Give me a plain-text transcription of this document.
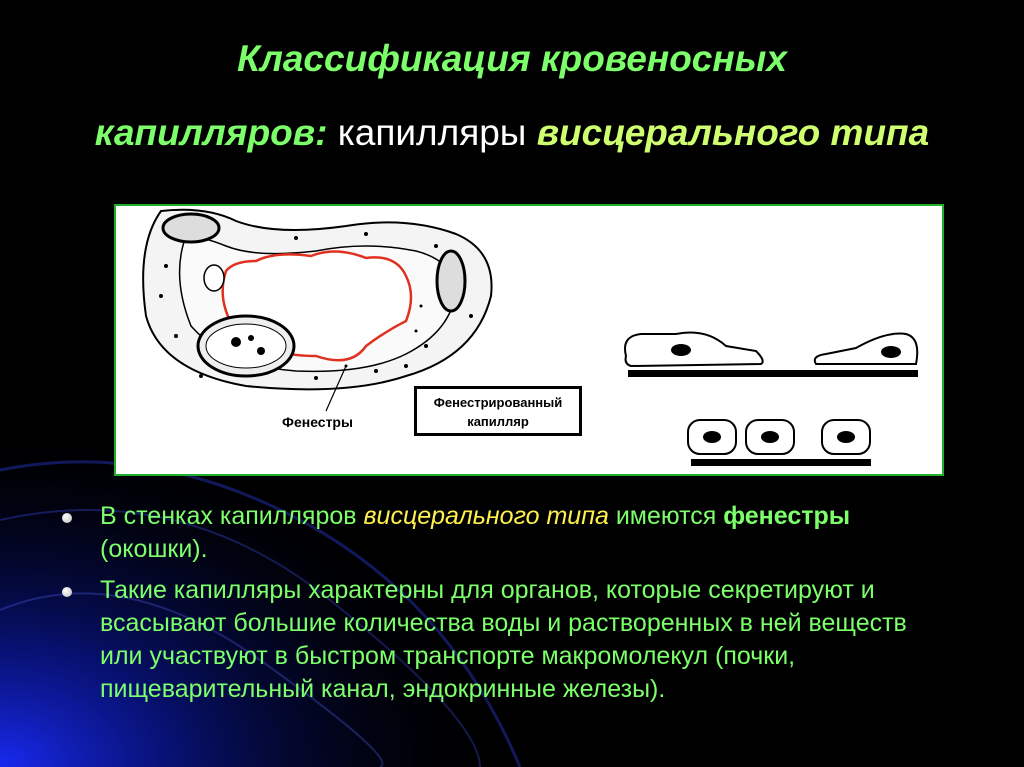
Классификация кровеносных
капилляров: капилляры висцерального типа
Фенестры
Фенестрированный
капилляр
В стенках капилляров висцерального типа имеются фенестры (окошки).
Такие капилляры характерны для органов, которые секретируют и всасывают большие количества воды и растворенных в ней веществ или участвуют в быстром транспорте макромолекул (почки, пищеварительный канал, эндокринные железы).
